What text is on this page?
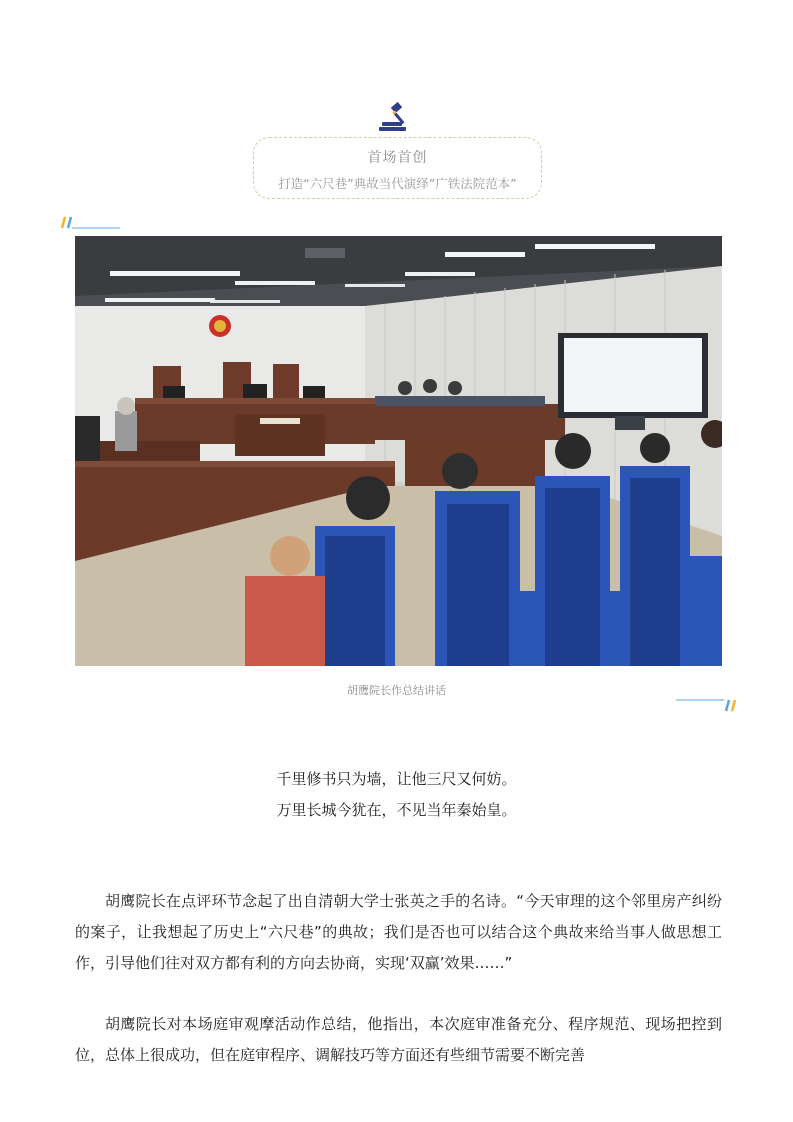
首场首创
打造“六尺巷”典故当代演绎”广铁法院范本”
胡鹰院长作总结讲话
千里修书只为墙，让他三尺又何妨。
万里长城今犹在，不见当年秦始皇。
胡鹰院长在点评环节念起了出自清朝大学士张英之手的名诗。“今天审理的这个邻里房产纠纷的案子，让我想起了历史上“六尺巷”的典故；我们是否也可以结合这个典故来给当事人做思想工作，引导他们往对双方都有利的方向去协商，实现‘双赢’效果……”
胡鹰院长对本场庭审观摩活动作总结，他指出，本次庭审准备充分、程序规范、现场把控到位，总体上很成功，但在庭审程序、调解技巧等方面还有些细节需要不断完善
